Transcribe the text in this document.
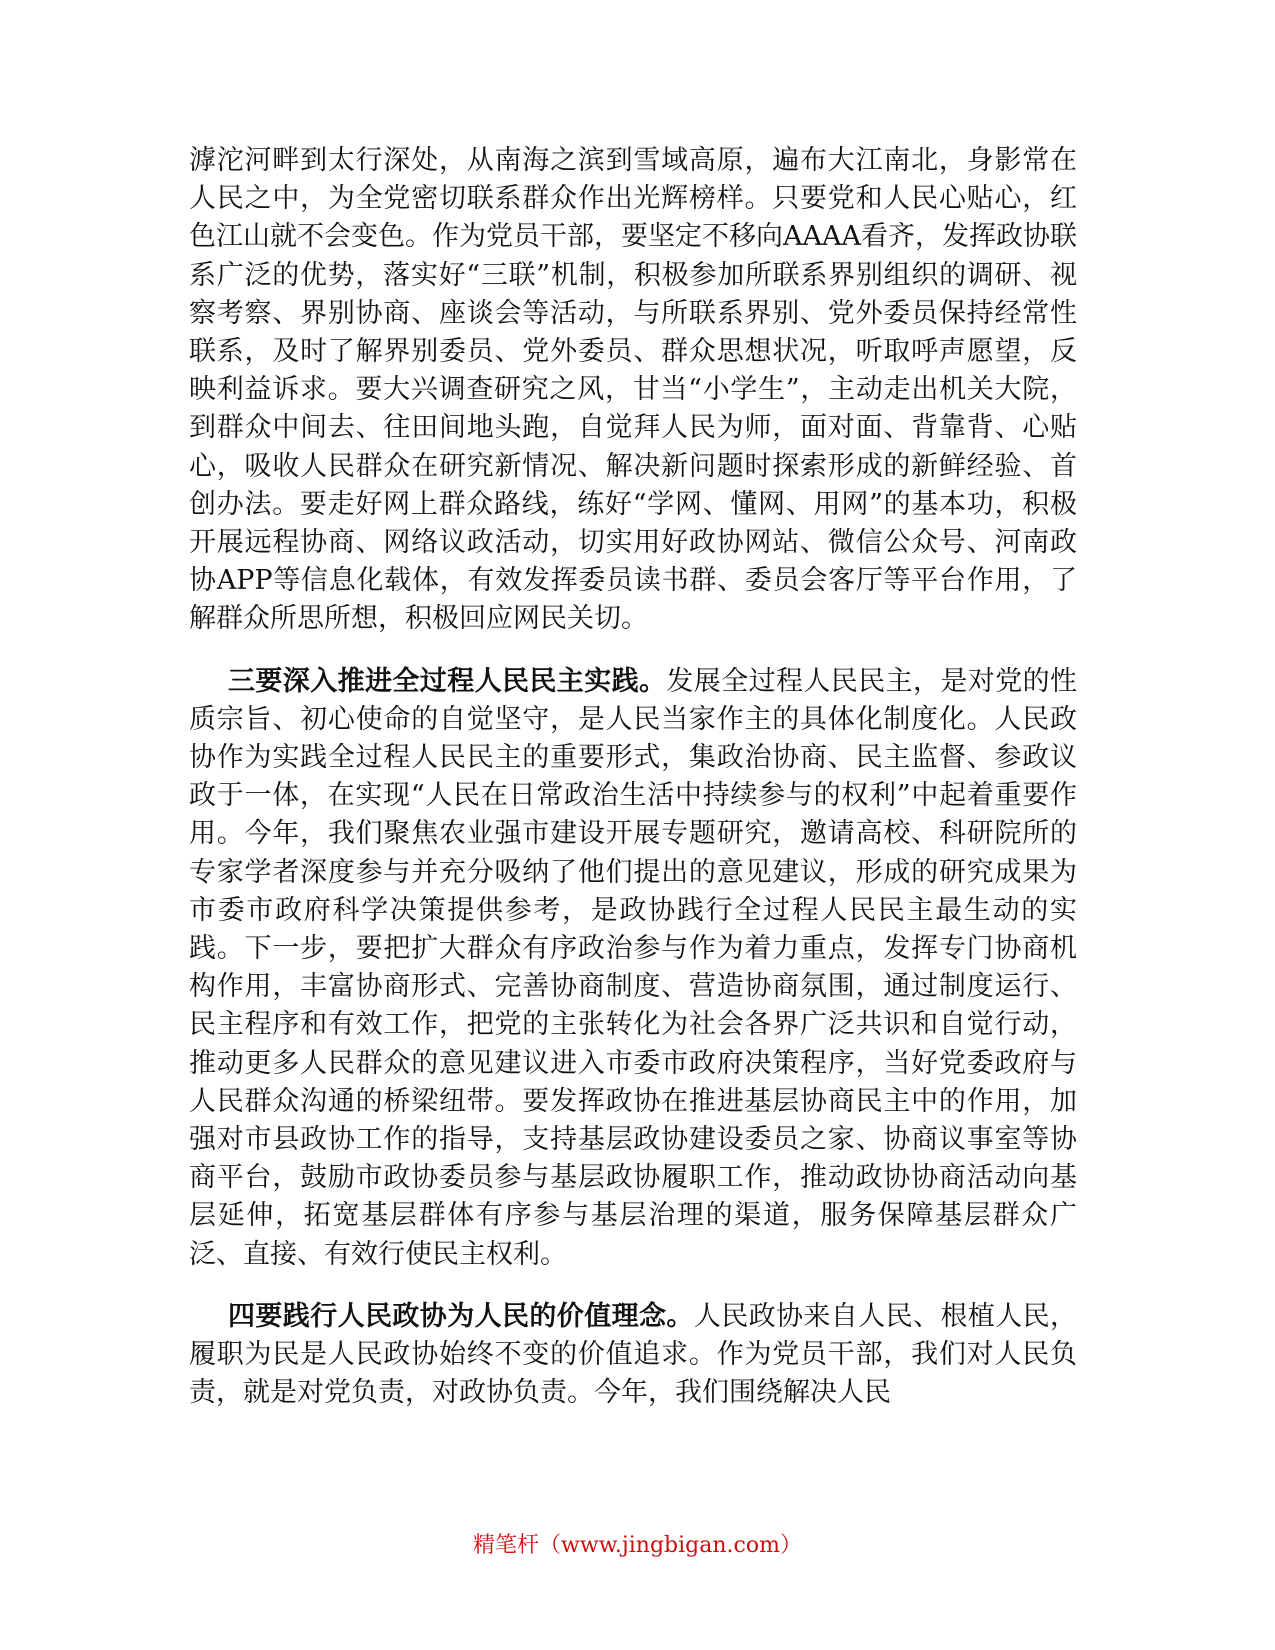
滹沱河畔到太行深处，从南海之滨到雪域高原，遍布大江南北，身影常在人民之中，为全党密切联系群众作出光辉榜样。只要党和人民心贴心，红色江山就不会变色。作为党员干部，要坚定不移向AAAA看齐，发挥政协联系广泛的优势，落实好“三联”机制，积极参加所联系界别组织的调研、视察考察、界别协商、座谈会等活动，与所联系界别、党外委员保持经常性联系，及时了解界别委员、党外委员、群众思想状况，听取呼声愿望，反映利益诉求。要大兴调查研究之风，甘当“小学生”，主动走出机关大院，到群众中间去、往田间地头跑，自觉拜人民为师，面对面、背靠背、心贴心，吸收人民群众在研究新情况、解决新问题时探索形成的新鲜经验、首创办法。要走好网上群众路线，练好“学网、懂网、用网”的基本功，积极开展远程协商、网络议政活动，切实用好政协网站、微信公众号、河南政协APP等信息化载体，有效发挥委员读书群、委员会客厅等平台作用，了解群众所思所想，积极回应网民关切。

三要深入推进全过程人民民主实践。发展全过程人民民主，是对党的性质宗旨、初心使命的自觉坚守，是人民当家作主的具体化制度化。人民政协作为实践全过程人民民主的重要形式，集政治协商、民主监督、参政议政于一体，在实现“人民在日常政治生活中持续参与的权利”中起着重要作用。今年，我们聚焦农业强市建设开展专题研究，邀请高校、科研院所的专家学者深度参与并充分吸纳了他们提出的意见建议，形成的研究成果为市委市政府科学决策提供参考，是政协践行全过程人民民主最生动的实践。下一步，要把扩大群众有序政治参与作为着力重点，发挥专门协商机构作用，丰富协商形式、完善协商制度、营造协商氛围，通过制度运行、民主程序和有效工作，把党的主张转化为社会各界广泛共识和自觉行动，推动更多人民群众的意见建议进入市委市政府决策程序，当好党委政府与人民群众沟通的桥梁纽带。要发挥政协在推进基层协商民主中的作用，加强对市县政协工作的指导，支持基层政协建设委员之家、协商议事室等协商平台，鼓励市政协委员参与基层政协履职工作，推动政协协商活动向基层延伸，拓宽基层群体有序参与基层治理的渠道，服务保障基层群众广泛、直接、有效行使民主权利。

四要践行人民政协为人民的价值理念。人民政协来自人民、根植人民，履职为民是人民政协始终不变的价值追求。作为党员干部，我们对人民负责，就是对党负责，对政协负责。今年，我们围绕解决人民

精笔杆（www.jingbigan.com）
